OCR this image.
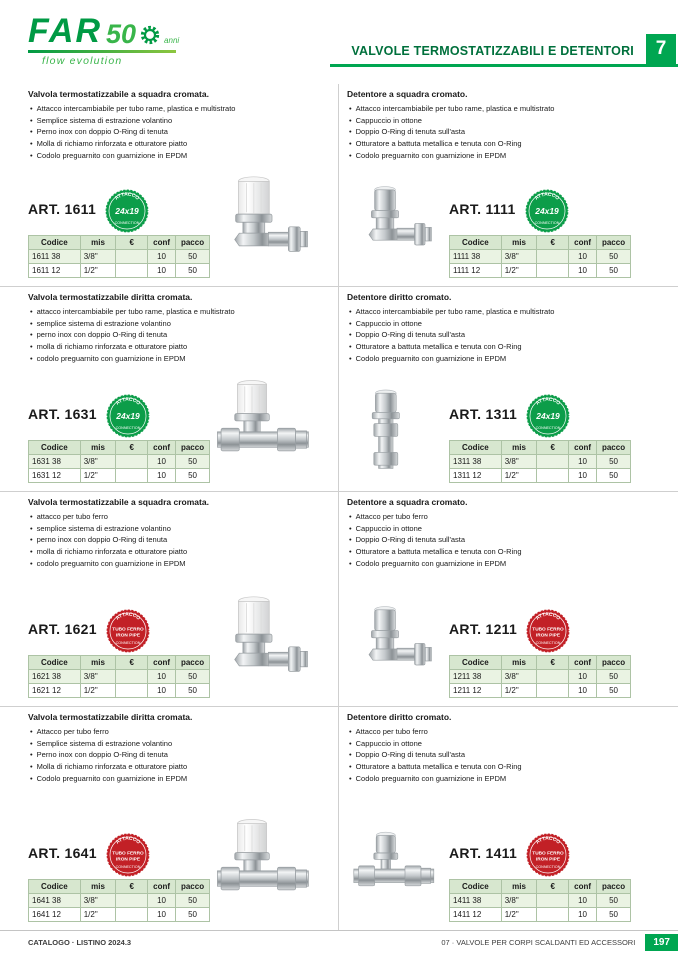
FAR 50	anni
flow evolution
VALVOLE TERMOSTATIZZABILI E DETENTORI	7
Valvola termostatizzabile a squadra cromata.
• Attacco intercambiabile per tubo rame, plastica e multistrato
• Semplice sistema di estrazione volantino
• Perno inox con doppio O-Ring di tenuta
• Molla di richiamo rinforzata e otturatore piatto
• Codolo preguarnito con guarnizione in EPDM
ART. 1611
Codice	mis	€	conf	pacco
1611 38	3/8"		10	50
1611 12	1/2"		10	50
Detentore a squadra cromato.
• Attacco intercambiabile per tubo rame, plastica e multistrato
• Cappuccio in ottone
• Doppio O-Ring di tenuta sull'asta
• Otturatore a battuta metallica e tenuta con O-Ring
• Codolo preguarnito con guarnizione in EPDM
ART. 1111
Codice	mis	€	conf	pacco
1111 38	3/8"		10	50
1111 12	1/2"		10	50
Valvola termostatizzabile diritta cromata.
• attacco intercambiabile per tubo rame, plastica e multistrato
• semplice sistema di estrazione volantino
• perno inox con doppio O-Ring di tenuta
• molla di richiamo rinforzata e otturatore piatto
• codolo preguarnito con guarnizione in EPDM
ART. 1631
Codice	mis	€	conf	pacco
1631 38	3/8"		10	50
1631 12	1/2"		10	50
Detentore diritto cromato.
• Attacco intercambiabile per tubo rame, plastica e multistrato
• Cappuccio in ottone
• Doppio O-Ring di tenuta sull'asta
• Otturatore a battuta metallica e tenuta con O-Ring
• Codolo preguarnito con guarnizione in EPDM
ART. 1311
Codice	mis	€	conf	pacco
1311 38	3/8"		10	50
1311 12	1/2"		10	50
Valvola termostatizzabile a squadra cromata.
• attacco per tubo ferro
• semplice sistema di estrazione volantino
• perno inox con doppio O-Ring di tenuta
• molla di richiamo rinforzata e otturatore piatto
• codolo preguarnito con guarnizione in EPDM
ART. 1621
Codice	mis	€	conf	pacco
1621 38	3/8"		10	50
1621 12	1/2"		10	50
Detentore a squadra cromato.
• Attacco per tubo ferro
• Cappuccio in ottone
• Doppio O-Ring di tenuta sull'asta
• Otturatore a battuta metallica e tenuta con O-Ring
• Codolo preguarnito con guarnizione in EPDM
ART. 1211
Codice	mis	€	conf	pacco
1211 38	3/8"		10	50
1211 12	1/2"		10	50
Valvola termostatizzabile diritta cromata.
• Attacco per tubo ferro
• Semplice sistema di estrazione volantino
• Perno inox con doppio O-Ring di tenuta
• Molla di richiamo rinforzata e otturatore piatto
• Codolo preguarnito con guarnizione in EPDM
ART. 1641
Codice	mis	€	conf	pacco
1641 38	3/8"		10	50
1641 12	1/2"		10	50
Detentore diritto cromato.
• Attacco per tubo ferro
• Cappuccio in ottone
• Doppio O-Ring di tenuta sull'asta
• Otturatore a battuta metallica e tenuta con O-Ring
• Codolo preguarnito con guarnizione in EPDM
ART. 1411
Codice	mis	€	conf	pacco
1411 38	3/8"		10	50
1411 12	1/2"		10	50
CATALOGO · LISTINO 2024.3	07 · VALVOLE PER CORPI SCALDANTI ED ACCESSORI	197
